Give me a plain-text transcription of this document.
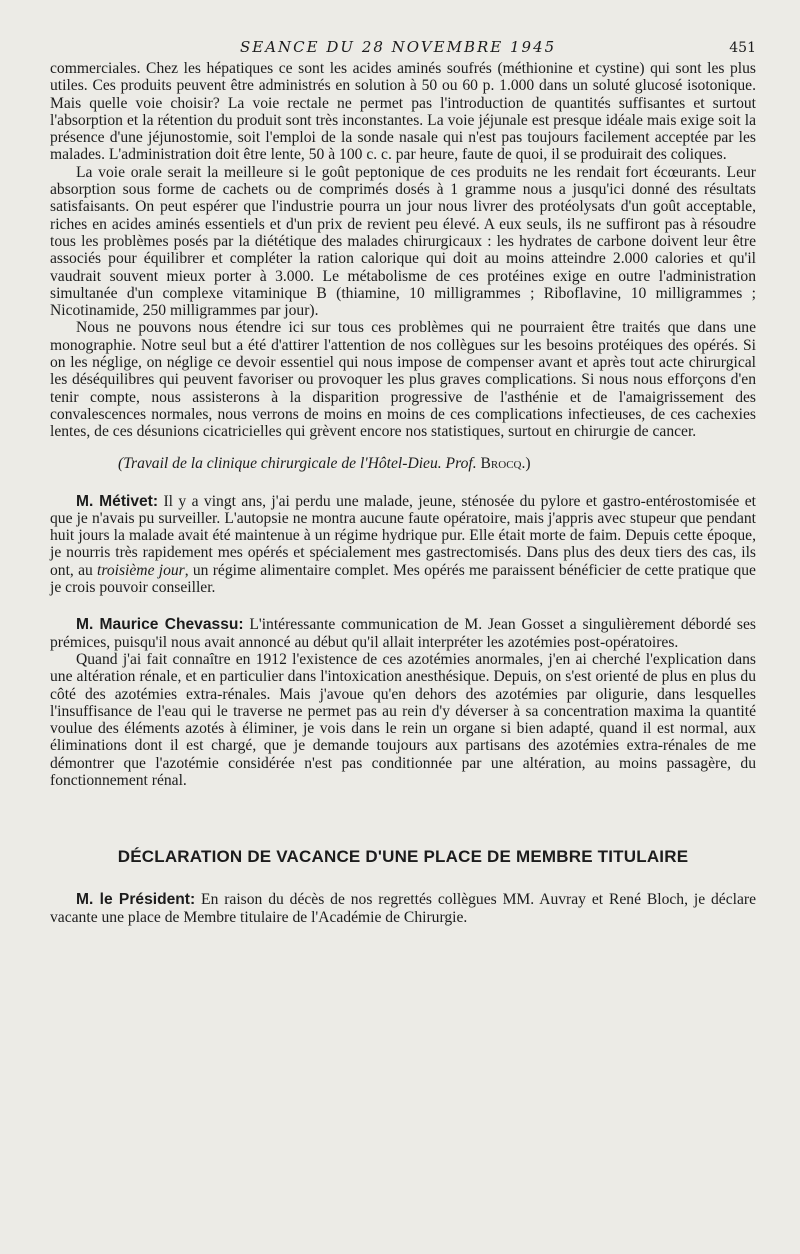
SEANCE DU 28 NOVEMBRE 1945	451

commerciales. Chez les hépatiques ce sont les acides aminés soufrés (méthionine et cystine) qui sont les plus utiles. Ces produits peuvent être administrés en solution à 50 ou 60 p. 1.000 dans un soluté glucosé isotonique. Mais quelle voie choisir? La voie rectale ne permet pas l'introduction de quantités suffisantes et surtout l'absorption et la rétention du produit sont très inconstantes. La voie jéjunale est presque idéale mais exige soit la présence d'une jéjunostomie, soit l'emploi de la sonde nasale qui n'est pas toujours facilement acceptée par les malades. L'administration doit être lente, 50 à 100 c. c. par heure, faute de quoi, il se produirait des coliques.

La voie orale serait la meilleure si le goût peptonique de ces produits ne les rendait fort écœurants. Leur absorption sous forme de cachets ou de comprimés dosés à 1 gramme nous a jusqu'ici donné des résultats satisfaisants. On peut espérer que l'industrie pourra un jour nous livrer des protéolysats d'un goût acceptable, riches en acides aminés essentiels et d'un prix de revient peu élevé. A eux seuls, ils ne suffiront pas à résoudre tous les problèmes posés par la diététique des malades chirurgicaux : les hydrates de carbone doivent leur être associés pour équilibrer et compléter la ration calorique qui doit au moins atteindre 2.000 calories et qu'il vaudrait souvent mieux porter à 3.000. Le métabolisme de ces protéines exige en outre l'administration simultanée d'un complexe vitaminique B (thiamine, 10 milligrammes ; Riboflavine, 10 milligrammes ; Nicotinamide, 250 milligrammes par jour).

Nous ne pouvons nous étendre ici sur tous ces problèmes qui ne pourraient être traités que dans une monographie. Notre seul but a été d'attirer l'attention de nos collègues sur les besoins protéiques des opérés. Si on les néglige, on néglige ce devoir essentiel qui nous impose de compenser avant et après tout acte chirurgical les déséquilibres qui peuvent favoriser ou provoquer les plus graves complications. Si nous nous efforçons d'en tenir compte, nous assisterons à la disparition progressive de l'asthénie et de l'amaigrissement des convalescences normales, nous verrons de moins en moins de ces complications infectieuses, de ces cachexies lentes, de ces désunions cicatricielles qui grèvent encore nos statistiques, surtout en chirurgie de cancer.

(Travail de la clinique chirurgicale de l'Hôtel-Dieu. Prof. Brocq.)

M. Métivet: Il y a vingt ans, j'ai perdu une malade, jeune, sténosée du pylore et gastro-entérostomisée et que je n'avais pu surveiller. L'autopsie ne montra aucune faute opératoire, mais j'appris avec stupeur que pendant huit jours la malade avait été maintenue à un régime hydrique pur. Elle était morte de faim. Depuis cette époque, je nourris très rapidement mes opérés et spécialement mes gastrectomisés. Dans plus des deux tiers des cas, ils ont, au troisième jour, un régime alimentaire complet. Mes opérés me paraissent bénéficier de cette pratique que je crois pouvoir conseiller.

M. Maurice Chevassu: L'intéressante communication de M. Jean Gosset a singulièrement débordé ses prémices, puisqu'il nous avait annoncé au début qu'il allait interpréter les azotémies post-opératoires.

Quand j'ai fait connaître en 1912 l'existence de ces azotémies anormales, j'en ai cherché l'explication dans une altération rénale, et en particulier dans l'intoxication anesthésique. Depuis, on s'est orienté de plus en plus du côté des azotémies extra-rénales. Mais j'avoue qu'en dehors des azotémies par oligurie, dans lesquelles l'insuffisance de l'eau qui le traverse ne permet pas au rein d'y déverser à sa concentration maxima la quantité voulue des éléments azotés à éliminer, je vois dans le rein un organe si bien adapté, quand il est normal, aux éliminations dont il est chargé, que je demande toujours aux partisans des azotémies extra-rénales de me démontrer que l'azotémie considérée n'est pas conditionnée par une altération, au moins passagère, du fonctionnement rénal.

DÉCLARATION DE VACANCE D'UNE PLACE DE MEMBRE TITULAIRE

M. le Président: En raison du décès de nos regrettés collègues MM. Auvray et René Bloch, je déclare vacante une place de Membre titulaire de l'Académie de Chirurgie.
